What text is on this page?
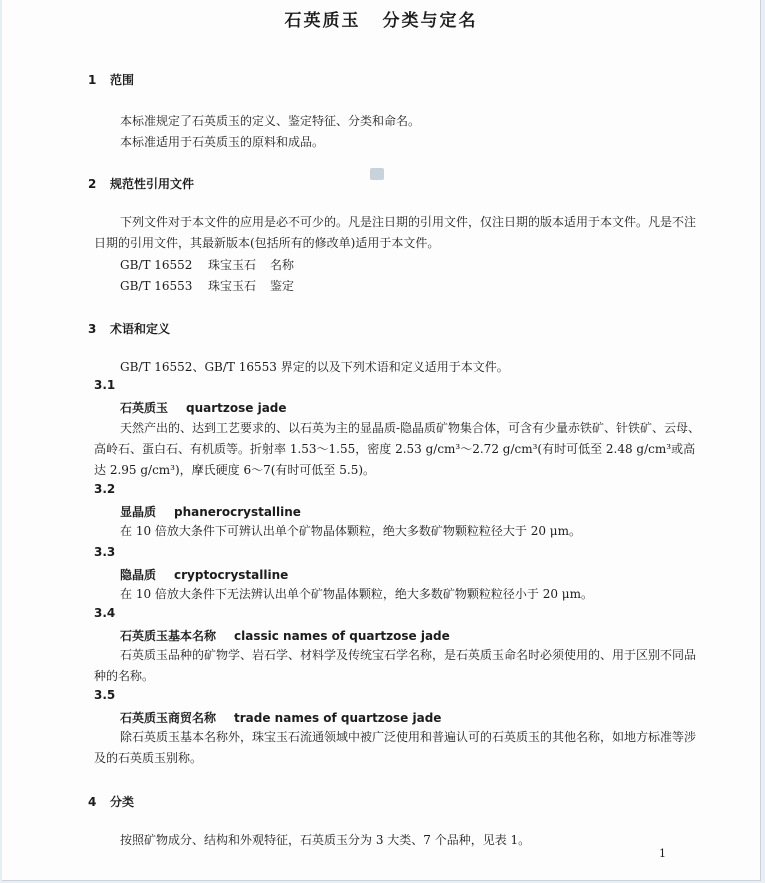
石英质玉 分类与定名
1 范围

本标准规定了石英质玉的定义、鉴定特征、分类和命名。

本标准适用于石英质玉的原料和成品。

2 规范性引用文件

下列文件对于本文件的应用是必不可少的。凡是注日期的引用文件，仅注日期的版本适用于本文件。凡是不注日期的引用文件，其最新版本(包括所有的修改单)适用于本文件。

GB/T 16552 珠宝玉石 名称

GB/T 16553 珠宝玉石 鉴定

3 术语和定义

GB/T 16552、GB/T 16553 界定的以及下列术语和定义适用于本文件。

3.1

石英质玉 quartzose jade

天然产出的、达到工艺要求的、以石英为主的显晶质-隐晶质矿物集合体，可含有少量赤铁矿、针铁矿、云母、高岭石、蛋白石、有机质等。折射率 1.53～1.55，密度 2.53 g/cm³～2.72 g/cm³(有时可低至 2.48 g/cm³或高达 2.95 g/cm³)，摩氏硬度 6～7(有时可低至 5.5)。

3.2

显晶质 phanerocrystalline

在 10 倍放大条件下可辨认出单个矿物晶体颗粒，绝大多数矿物颗粒粒径大于 20 μm。

3.3

隐晶质 cryptocrystalline

在 10 倍放大条件下无法辨认出单个矿物晶体颗粒，绝大多数矿物颗粒粒径小于 20 μm。

3.4

石英质玉基本名称 classic names of quartzose jade

石英质玉品种的矿物学、岩石学、材料学及传统宝石学名称，是石英质玉命名时必须使用的、用于区别不同品种的名称。

3.5

石英质玉商贸名称 trade names of quartzose jade

除石英质玉基本名称外，珠宝玉石流通领域中被广泛使用和普遍认可的石英质玉的其他名称，如地方标准等涉及的石英质玉别称。

4 分类

按照矿物成分、结构和外观特征，石英质玉分为 3 大类、7 个品种，见表 1。

1
